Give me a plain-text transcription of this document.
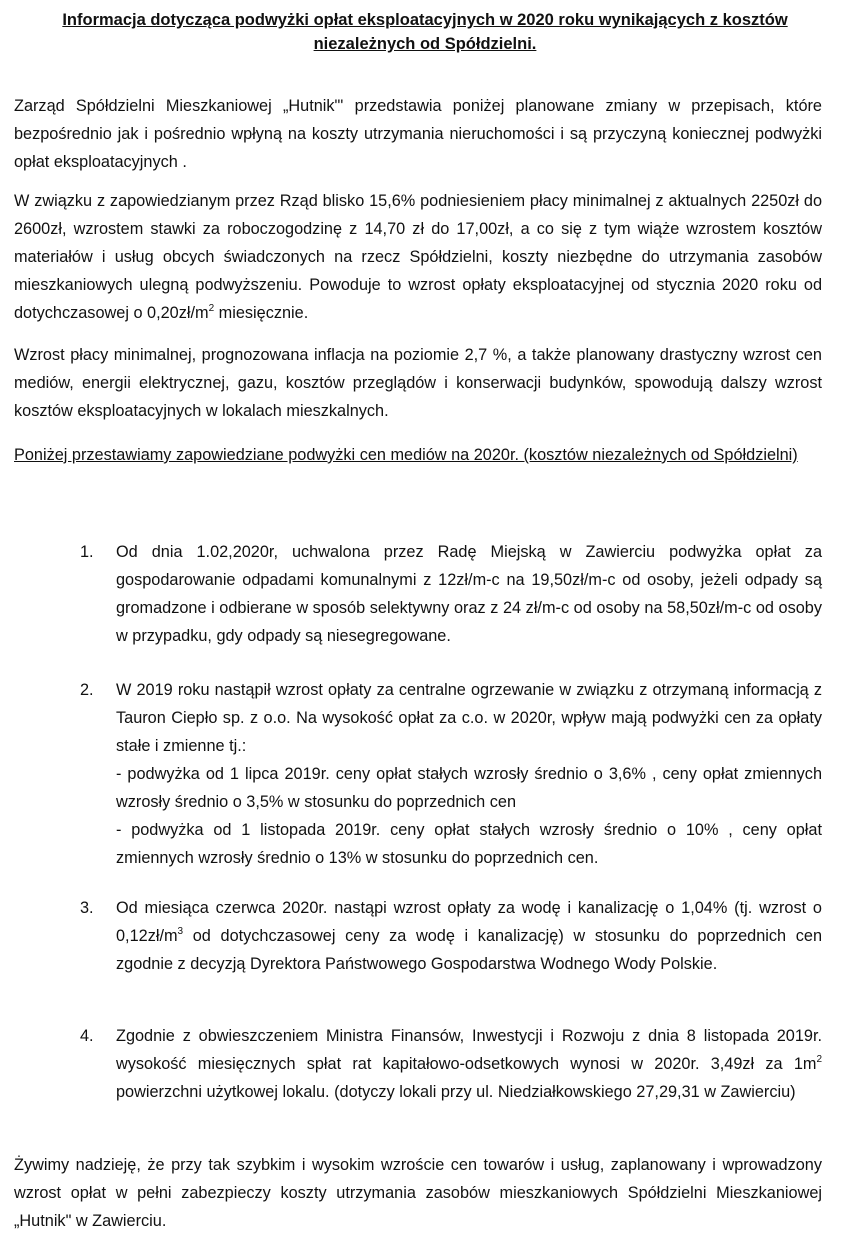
Informacja dotycząca podwyżki opłat eksploatacyjnych w 2020 roku wynikających z kosztów niezależnych od Spółdzielni.
Zarząd Spółdzielni Mieszkaniowej „Hutnik"' przedstawia poniżej planowane zmiany w przepisach, które bezpośrednio jak i pośrednio wpłyną na koszty utrzymania nieruchomości i są przyczyną koniecznej podwyżki opłat eksploatacyjnych .
W związku z zapowiedzianym przez Rząd blisko 15,6% podniesieniem płacy minimalnej z aktualnych 2250zł do 2600zł, wzrostem stawki za roboczogodzinę z 14,70 zł do 17,00zł, a co się z tym wiąże wzrostem kosztów materiałów i usług obcych świadczonych na rzecz Spółdzielni, koszty niezbędne do utrzymania zasobów mieszkaniowych ulegną podwyższeniu. Powoduje to wzrost opłaty eksploatacyjnej od stycznia 2020 roku od dotychczasowej o $0,20zł/m^2$ miesięcznie.
Wzrost płacy minimalnej, prognozowana inflacja na poziomie 2,7 %, a także planowany drastyczny wzrost cen mediów, energii elektrycznej, gazu, kosztów przeglądów i konserwacji budynków, spowodują dalszy wzrost kosztów eksploatacyjnych w lokalach mieszkalnych.
Poniżej przestawiamy zapowiedziane podwyżki cen mediów na 2020r. (kosztów niezależnych od Spółdzielni)
1.	Od dnia 1.02,2020r, uchwalona przez Radę Miejską w Zawierciu podwyżka opłat za gospodarowanie odpadami komunalnymi z 12zł/m-c na 19,50zł/m-c od osoby, jeżeli odpady są gromadzone i odbierane w sposób selektywny oraz z 24 zł/m-c od osoby na 58,50zł/m-c od osoby w przypadku, gdy odpady są niesegregowane.
2.	W 2019 roku nastąpił wzrost opłaty za centralne ogrzewanie w związku z otrzymaną informacją z Tauron Ciepło sp. z o.o. Na wysokość opłat za c.o. w 2020r, wpływ mają podwyżki cen za opłaty stałe i zmienne tj.:
- podwyżka od 1 lipca 2019r. ceny opłat stałych wzrosły średnio o 3,6% , ceny opłat zmiennych wzrosły średnio o 3,5% w stosunku do poprzednich cen
- podwyżka od 1 listopada 2019r. ceny opłat stałych wzrosły średnio o 10% , ceny opłat zmiennych wzrosły średnio o 13% w stosunku do poprzednich cen.
3.	Od miesiąca czerwca 2020r. nastąpi wzrost opłaty za wodę i kanalizację o 1,04% (tj. wzrost o $0,12zł/m^3$ od dotychczasowej ceny za wodę i kanalizację) w stosunku do poprzednich cen zgodnie z decyzją Dyrektora Państwowego Gospodarstwa Wodnego Wody Polskie.
4.	Zgodnie z obwieszczeniem Ministra Finansów, Inwestycji i Rozwoju z dnia 8 listopada 2019r. wysokość miesięcznych spłat rat kapitałowo-odsetkowych wynosi w 2020r. 3,49zł za $1m^2$ powierzchni użytkowej lokalu. (dotyczy lokali przy ul. Niedziałkowskiego 27,29,31 w Zawierciu)
Żywimy nadzieję, że przy tak szybkim i wysokim wzroście cen towarów i usług, zaplanowany i wprowadzony wzrost opłat w pełni zabezpieczy koszty utrzymania zasobów mieszkaniowych Spółdzielni Mieszkaniowej „Hutnik" w Zawierciu.
